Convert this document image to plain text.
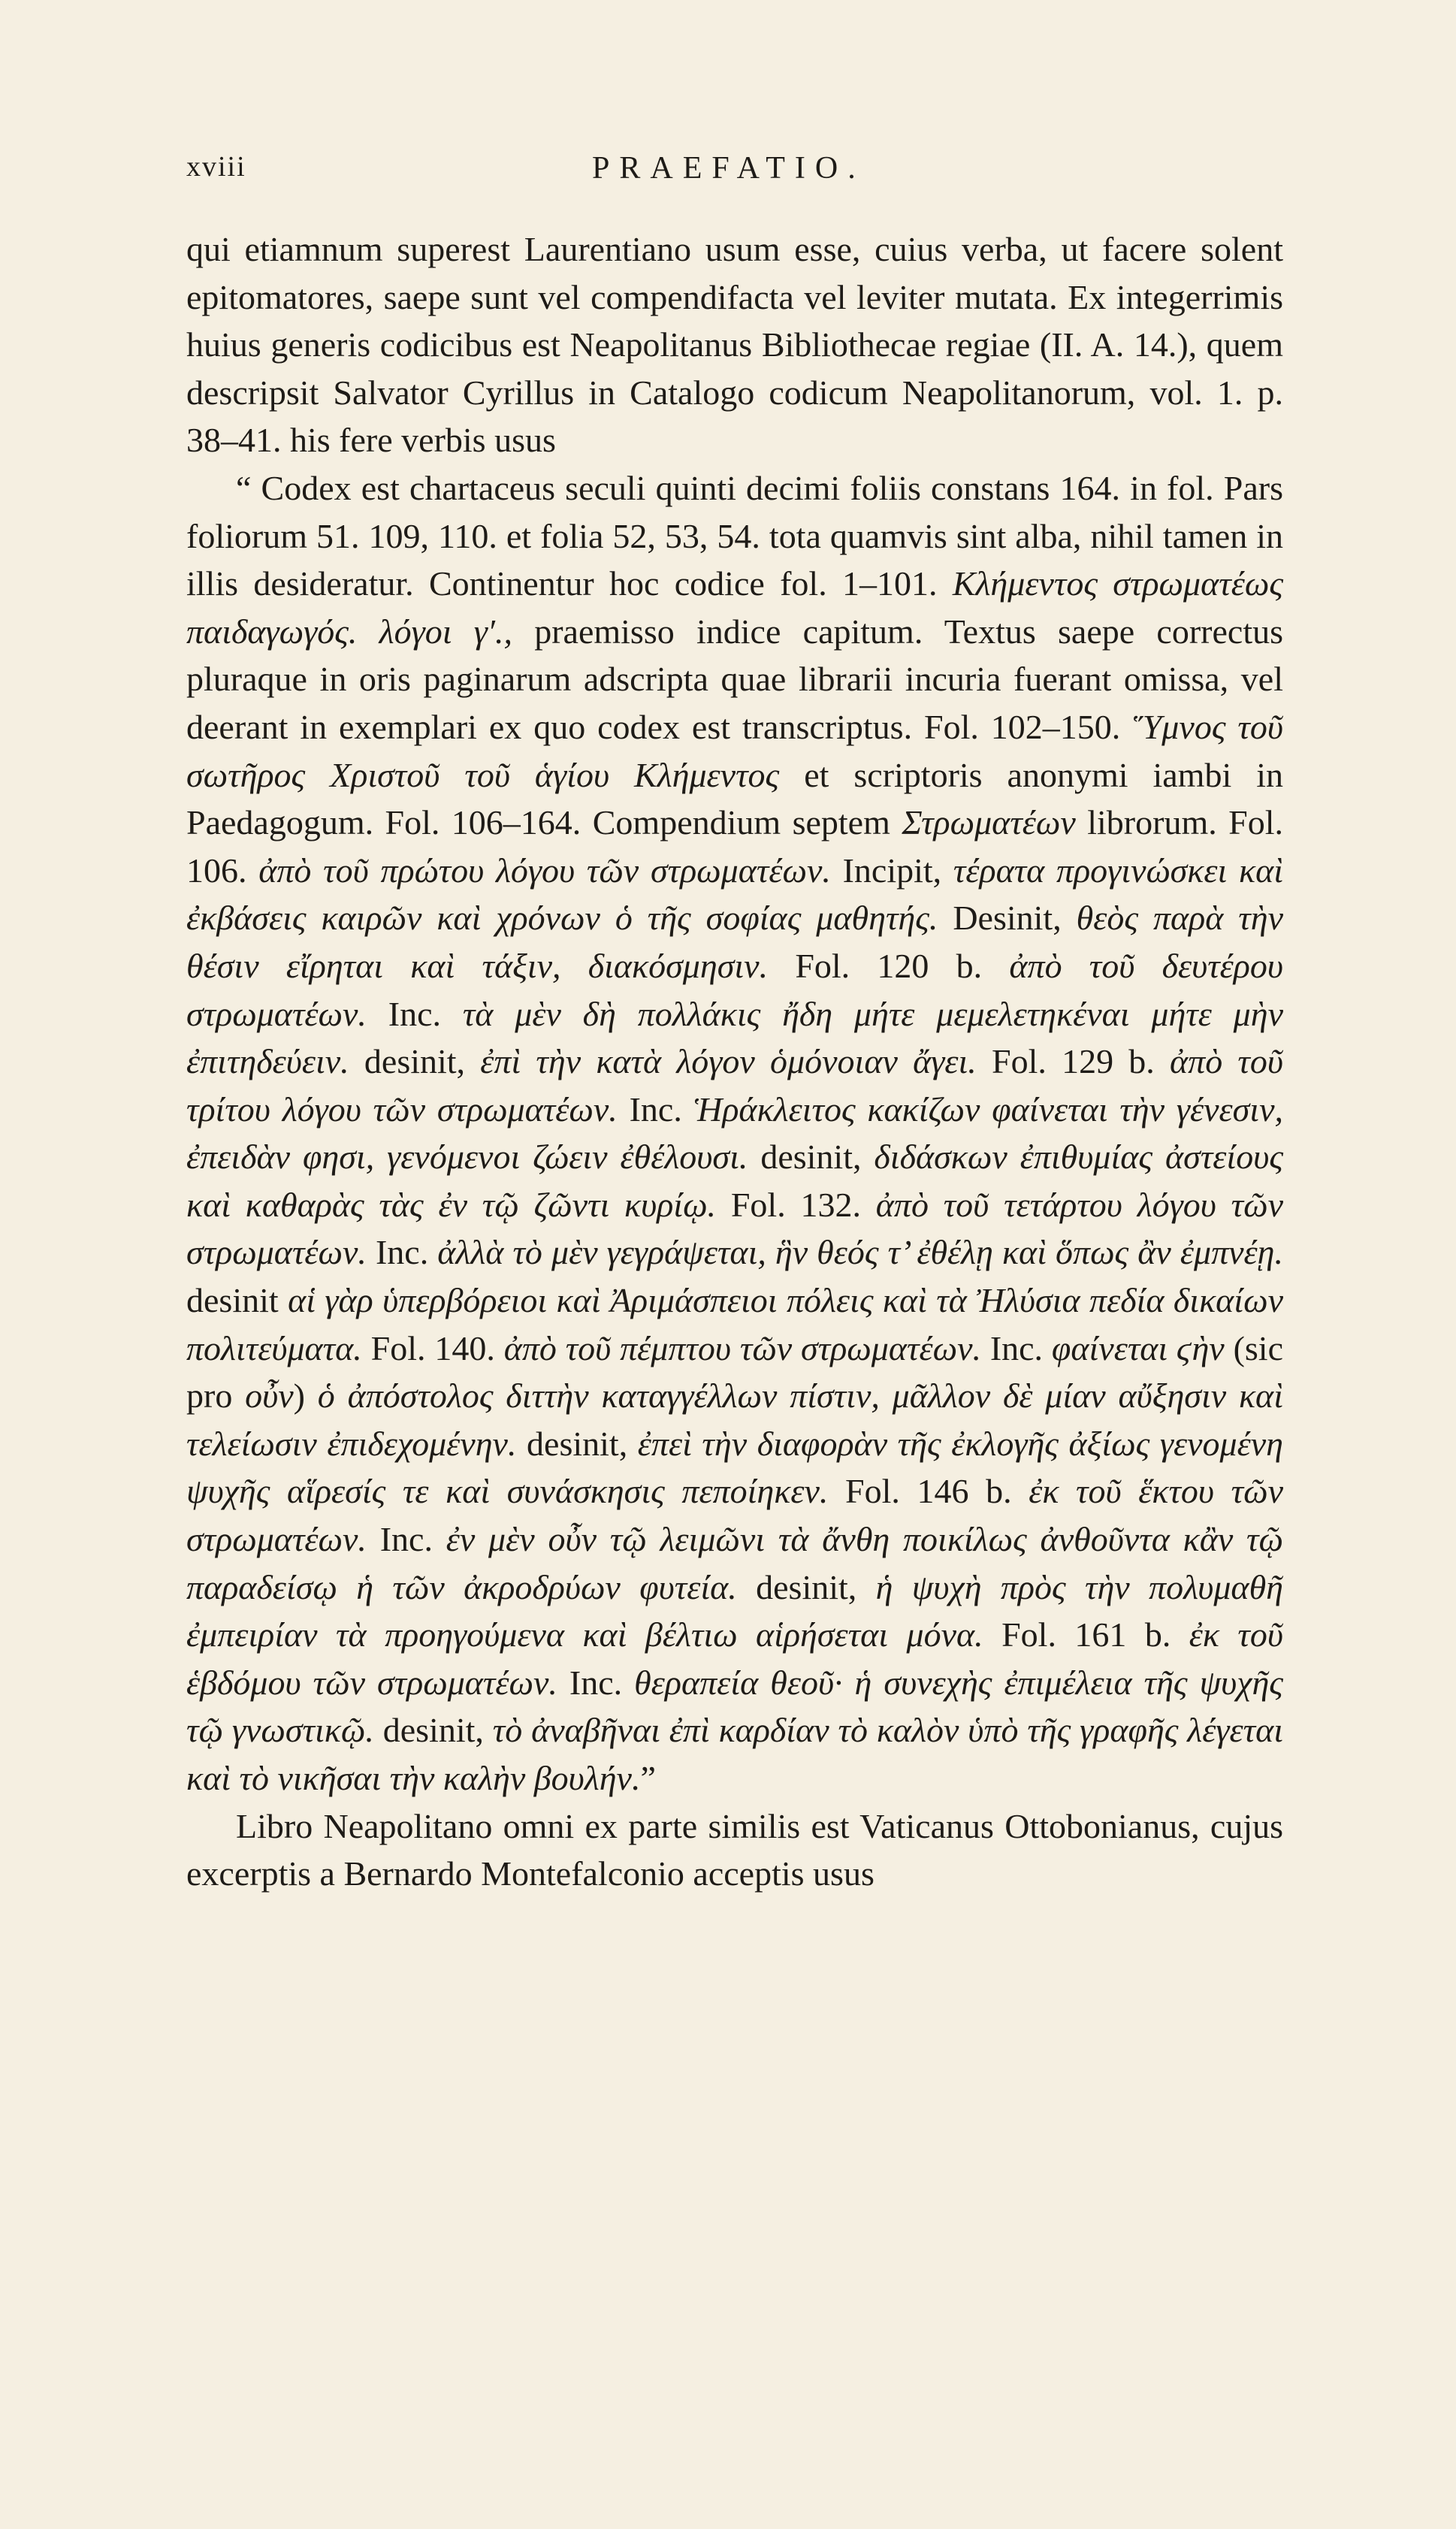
xviii	PRAEFATIO.

qui etiamnum superest Laurentiano usum esse, cuius verba, ut facere solent epitomatores, saepe sunt vel compendifacta vel leviter mutata. Ex integerrimis huius generis codicibus est Neapolitanus Bibliothecae regiae (II. A. 14.), quem descripsit Salvator Cyrillus in Catalogo codicum Neapolitanorum, vol. 1. p. 38–41. his fere verbis usus

“ Codex est chartaceus seculi quinti decimi foliis constans 164. in fol. Pars foliorum 51. 109, 110. et folia 52, 53, 54. tota quamvis sint alba, nihil tamen in illis desideratur. Continentur hoc codice fol. 1–101. Κλήμεντος στρωματέως παιδαγωγός. λόγοι γ′., praemisso indice capitum. Textus saepe correctus pluraque in oris paginarum adscripta quae librarii incuria fuerant omissa, vel deerant in exemplari ex quo codex est transcriptus. Fol. 102–150. Ὕμνος τοῦ σωτῆρος Χριστοῦ τοῦ ἁγίου Κλήμεντος et scriptoris anonymi iambi in Paedagogum. Fol. 106–164. Compendium septem Στρωματέων librorum. Fol. 106. ἀπὸ τοῦ πρώτου λόγου τῶν στρωματέων. Incipit, τέρατα προγινώσκει καὶ ἐκβάσεις καιρῶν καὶ χρόνων ὁ τῆς σοφίας μαθητής. Desinit, θεὸς παρὰ τὴν θέσιν εἴρηται καὶ τάξιν, διακόσμησιν. Fol. 120 b. ἀπὸ τοῦ δευτέρου στρωματέων. Inc. τὰ μὲν δὴ πολλάκις ἤδη μήτε μεμελετηκέναι μήτε μὴν ἐπιτηδεύειν. desinit, ἐπὶ τὴν κατὰ λόγον ὁμόνοιαν ἄγει. Fol. 129 b. ἀπὸ τοῦ τρίτου λόγου τῶν στρωματέων. Inc. Ἡράκλειτος κακίζων φαίνεται τὴν γένεσιν, ἐπειδὰν φησι, γενόμενοι ζώειν ἐθέλουσι. desinit, διδάσκων ἐπιθυμίας ἀστείους καὶ καθαρὰς τὰς ἐν τῷ ζῶντι κυρίῳ. Fol. 132. ἀπὸ τοῦ τετάρτου λόγου τῶν στρωματέων. Inc. ἀλλὰ τὸ μὲν γεγράψεται, ἣν θεός τ’ ἐθέλῃ καὶ ὅπως ἂν ἐμπνέῃ. desinit αἱ γὰρ ὑπερβόρειοι καὶ Ἀριμάσπειοι πόλεις καὶ τὰ Ἠλύσια πεδία δικαίων πολιτεύματα. Fol. 140. ἀπὸ τοῦ πέμπτου τῶν στρωματέων. Inc. φαίνεται ϛὴν (sic pro οὖν) ὁ ἀπόστολος διττὴν καταγγέλλων πίστιν, μᾶλλον δὲ μίαν αὔξησιν καὶ τελείωσιν ἐπιδεχομένην. desinit, ἐπεὶ τὴν διαφορὰν τῆς ἐκλογῆς ἀξίως γενομένη ψυχῆς αἵρεσίς τε καὶ συνάσκησις πεποίηκεν. Fol. 146 b. ἐκ τοῦ ἕκτου τῶν στρωματέων. Inc. ἐν μὲν οὖν τῷ λειμῶνι τὰ ἄνθη ποικίλως ἀνθοῦντα κἂν τῷ παραδείσῳ ἡ τῶν ἀκροδρύων φυτεία. desinit, ἡ ψυχὴ πρὸς τὴν πολυμαθῆ ἐμπειρίαν τὰ προηγούμενα καὶ βέλτιω αἱρήσεται μόνα. Fol. 161 b. ἐκ τοῦ ἑβδόμου τῶν στρωματέων. Inc. θεραπεία θεοῦ· ἡ συνεχὴς ἐπιμέλεια τῆς ψυχῆς τῷ γνωστικῷ. desinit, τὸ ἀναβῆναι ἐπὶ καρδίαν τὸ καλὸν ὑπὸ τῆς γραφῆς λέγεται καὶ τὸ νικῆσαι τὴν καλὴν βουλήν.”

Libro Neapolitano omni ex parte similis est Vaticanus Ottobonianus, cujus excerptis a Bernardo Montefalconio acceptis usus
